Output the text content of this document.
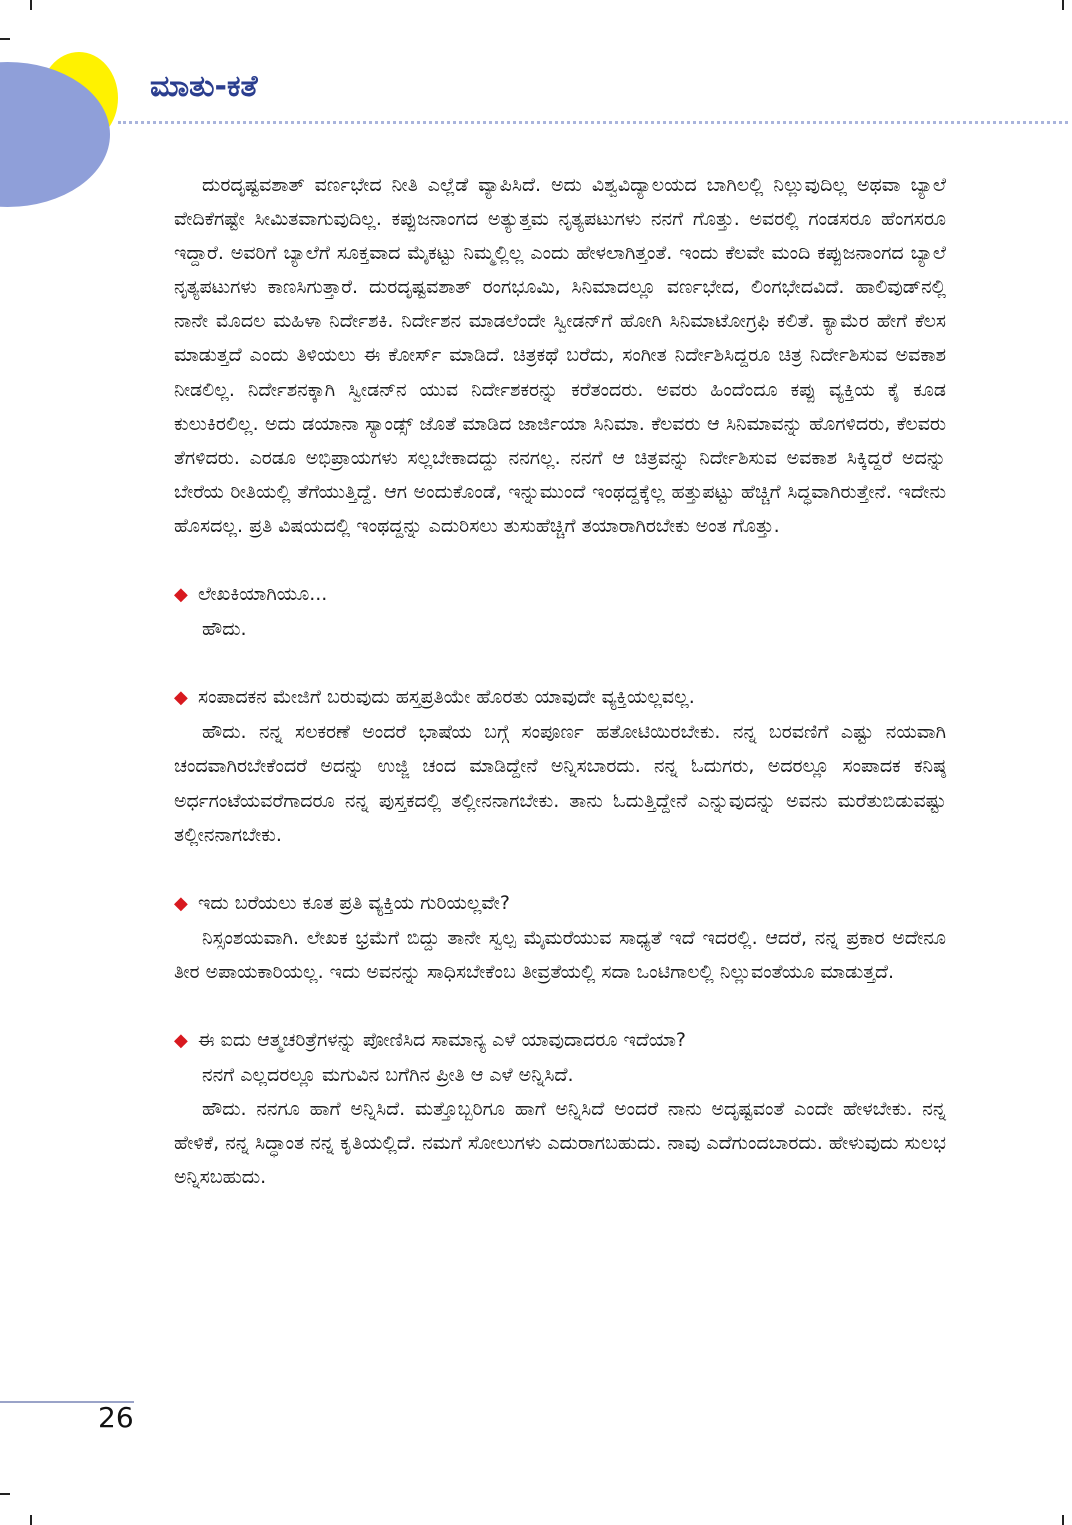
ಮಾತು-ಕತೆ

ದುರದೃಷ್ಟವಶಾತ್ ವರ್ಣಭೇದ ನೀತಿ ಎಲ್ಲೆಡೆ ವ್ಯಾಪಿಸಿದೆ. ಅದು ವಿಶ್ವವಿದ್ಯಾಲಯದ ಬಾಗಿಲಲ್ಲಿ ನಿಲ್ಲುವುದಿಲ್ಲ ಅಥವಾ ಬ್ಯಾಲೆ ವೇದಿಕೆಗಷ್ಟೇ ಸೀಮಿತವಾಗುವುದಿಲ್ಲ. ಕಪ್ಪುಜನಾಂಗದ ಅತ್ಯುತ್ತಮ ನೃತ್ಯಪಟುಗಳು ನನಗೆ ಗೊತ್ತು. ಅವರಲ್ಲಿ ಗಂಡಸರೂ ಹೆಂಗಸರೂ ಇದ್ದಾರೆ. ಅವರಿಗೆ ಬ್ಯಾಲೆಗೆ ಸೂಕ್ತವಾದ ಮೈಕಟ್ಟು ನಿಮ್ಮಲ್ಲಿಲ್ಲ ಎಂದು ಹೇಳಲಾಗಿತ್ತಂತೆ. ಇಂದು ಕೆಲವೇ ಮಂದಿ ಕಪ್ಪುಜನಾಂಗದ ಬ್ಯಾಲೆ ನೃತ್ಯಪಟುಗಳು ಕಾಣಸಿಗುತ್ತಾರೆ. ದುರದೃಷ್ಟವಶಾತ್ ರಂಗಭೂಮಿ, ಸಿನಿಮಾದಲ್ಲೂ ವರ್ಣಭೇದ, ಲಿಂಗಭೇದವಿದೆ. ಹಾಲಿವುಡ್‌ನಲ್ಲಿ ನಾನೇ ಮೊದಲ ಮಹಿಳಾ ನಿರ್ದೇಶಕಿ. ನಿರ್ದೇಶನ ಮಾಡಲೆಂದೇ ಸ್ವೀಡನ್‌ಗೆ ಹೋಗಿ ಸಿನಿಮಾಟೋಗ್ರಫಿ ಕಲಿತೆ. ಕ್ಯಾಮೆರ ಹೇಗೆ ಕೆಲಸ ಮಾಡುತ್ತದೆ ಎಂದು ತಿಳಿಯಲು ಈ ಕೋರ್ಸ್ ಮಾಡಿದೆ. ಚಿತ್ರಕಥೆ ಬರೆದು, ಸಂಗೀತ ನಿರ್ದೇಶಿಸಿದ್ದರೂ ಚಿತ್ರ ನಿರ್ದೇಶಿಸುವ ಅವಕಾಶ ನೀಡಲಿಲ್ಲ. ನಿರ್ದೇಶನಕ್ಕಾಗಿ ಸ್ವೀಡನ್‌ನ ಯುವ ನಿರ್ದೇಶಕರನ್ನು ಕರೆತಂದರು. ಅವರು ಹಿಂದೆಂದೂ ಕಪ್ಪು ವ್ಯಕ್ತಿಯ ಕೈ ಕೂಡ ಕುಲುಕಿರಲಿಲ್ಲ. ಅದು ಡಯಾನಾ ಸ್ಯಾಂಡ್ಸ್ ಜೊತೆ ಮಾಡಿದ ಜಾರ್ಜಿಯಾ ಸಿನಿಮಾ. ಕೆಲವರು ಆ ಸಿನಿಮಾವನ್ನು ಹೊಗಳಿದರು, ಕೆಲವರು ತೆಗಳಿದರು. ಎರಡೂ ಅಭಿಪ್ರಾಯಗಳು ಸಲ್ಲಬೇಕಾದದ್ದು ನನಗಲ್ಲ. ನನಗೆ ಆ ಚಿತ್ರವನ್ನು ನಿರ್ದೇಶಿಸುವ ಅವಕಾಶ ಸಿಕ್ಕಿದ್ದರೆ ಅದನ್ನು ಬೇರೆಯ ರೀತಿಯಲ್ಲಿ ತೆಗೆಯುತ್ತಿದ್ದೆ. ಆಗ ಅಂದುಕೊಂಡೆ, ಇನ್ನುಮುಂದೆ ಇಂಥದ್ದಕ್ಕೆಲ್ಲ ಹತ್ತುಪಟ್ಟು ಹೆಚ್ಚಿಗೆ ಸಿದ್ಧವಾಗಿರುತ್ತೇನೆ. ಇದೇನು ಹೊಸದಲ್ಲ. ಪ್ರತಿ ವಿಷಯದಲ್ಲಿ ಇಂಥದ್ದನ್ನು ಎದುರಿಸಲು ತುಸುಹೆಚ್ಚಿಗೆ ತಯಾರಾಗಿರಬೇಕು ಅಂತ ಗೊತ್ತು.

◆ ಲೇಖಕಿಯಾಗಿಯೂ...

ಹೌದು.

◆ ಸಂಪಾದಕನ ಮೇಜಿಗೆ ಬರುವುದು ಹಸ್ತಪ್ರತಿಯೇ ಹೊರತು ಯಾವುದೇ ವ್ಯಕ್ತಿಯಲ್ಲವಲ್ಲ.

ಹೌದು. ನನ್ನ ಸಲಕರಣೆ ಅಂದರೆ ಭಾಷೆಯ ಬಗ್ಗೆ ಸಂಪೂರ್ಣ ಹತೋಟಿಯಿರಬೇಕು. ನನ್ನ ಬರವಣಿಗೆ ಎಷ್ಟು ನಯವಾಗಿ ಚಂದವಾಗಿರಬೇಕೆಂದರೆ ಅದನ್ನು ಉಜ್ಜಿ ಚಂದ ಮಾಡಿದ್ದೇನೆ ಅನ್ನಿಸಬಾರದು. ನನ್ನ ಓದುಗರು, ಅದರಲ್ಲೂ ಸಂಪಾದಕ ಕನಿಷ್ಠ ಅರ್ಧಗಂಟೆಯವರೆಗಾದರೂ ನನ್ನ ಪುಸ್ತಕದಲ್ಲಿ ತಲ್ಲೀನನಾಗಬೇಕು. ತಾನು ಓದುತ್ತಿದ್ದೇನೆ ಎನ್ನುವುದನ್ನು ಅವನು ಮರೆತುಬಿಡುವಷ್ಟು ತಲ್ಲೀನನಾಗಬೇಕು.

◆ ಇದು ಬರೆಯಲು ಕೂತ ಪ್ರತಿ ವ್ಯಕ್ತಿಯ ಗುರಿಯಲ್ಲವೇ?

ನಿಸ್ಸಂಶಯವಾಗಿ. ಲೇಖಕ ಭ್ರಮೆಗೆ ಬಿದ್ದು ತಾನೇ ಸ್ವಲ್ಪ ಮೈಮರೆಯುವ ಸಾಧ್ಯತೆ ಇದೆ ಇದರಲ್ಲಿ. ಆದರೆ, ನನ್ನ ಪ್ರಕಾರ ಅದೇನೂ ತೀರ ಅಪಾಯಕಾರಿಯಲ್ಲ. ಇದು ಅವನನ್ನು ಸಾಧಿಸಬೇಕೆಂಬ ತೀವ್ರತೆಯಲ್ಲಿ ಸದಾ ಒಂಟಿಗಾಲಲ್ಲಿ ನಿಲ್ಲುವಂತೆಯೂ ಮಾಡುತ್ತದೆ.

◆ ಈ ಐದು ಆತ್ಮಚರಿತ್ರೆಗಳನ್ನು ಪೋಣಿಸಿದ ಸಾಮಾನ್ಯ ಎಳೆ ಯಾವುದಾದರೂ ಇದೆಯಾ?

ನನಗೆ ಎಲ್ಲದರಲ್ಲೂ ಮಗುವಿನ ಬಗೆಗಿನ ಪ್ರೀತಿ ಆ ಎಳೆ ಅನ್ನಿಸಿದೆ.

ಹೌದು. ನನಗೂ ಹಾಗೆ ಅನ್ನಿಸಿದೆ. ಮತ್ತೊಬ್ಬರಿಗೂ ಹಾಗೆ ಅನ್ನಿಸಿದೆ ಅಂದರೆ ನಾನು ಅದೃಷ್ಟವಂತೆ ಎಂದೇ ಹೇಳಬೇಕು. ನನ್ನ ಹೇಳಿಕೆ, ನನ್ನ ಸಿದ್ಧಾಂತ ನನ್ನ ಕೃತಿಯಲ್ಲಿದೆ. ನಮಗೆ ಸೋಲುಗಳು ಎದುರಾಗಬಹುದು. ನಾವು ಎದೆಗುಂದಬಾರದು. ಹೇಳುವುದು ಸುಲಭ ಅನ್ನಿಸಬಹುದು.

26
